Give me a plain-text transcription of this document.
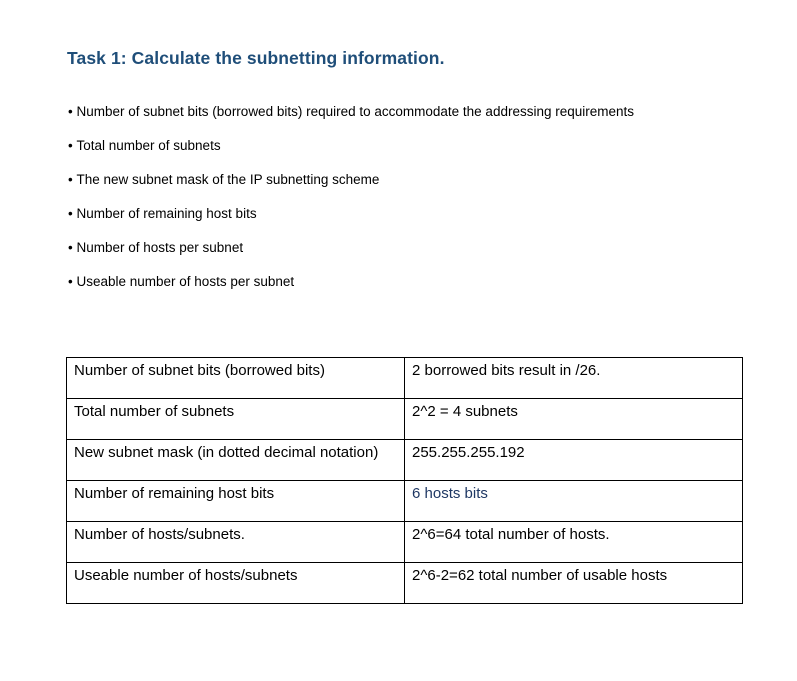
Task 1: Calculate the subnetting information.
• Number of subnet bits (borrowed bits) required to accommodate the addressing requirements
• Total number of subnets
• The new subnet mask of the IP subnetting scheme
• Number of remaining host bits
• Number of hosts per subnet
• Useable number of hosts per subnet
Number of subnet bits (borrowed bits)	2 borrowed bits result in /26.
Total number of subnets	2^2 = 4 subnets
New subnet mask (in dotted decimal notation)	255.255.255.192
Number of remaining host bits	6 hosts bits
Number of hosts/subnets.	2^6=64 total number of hosts.
Useable number of hosts/subnets	2^6-2=62 total number of usable hosts
